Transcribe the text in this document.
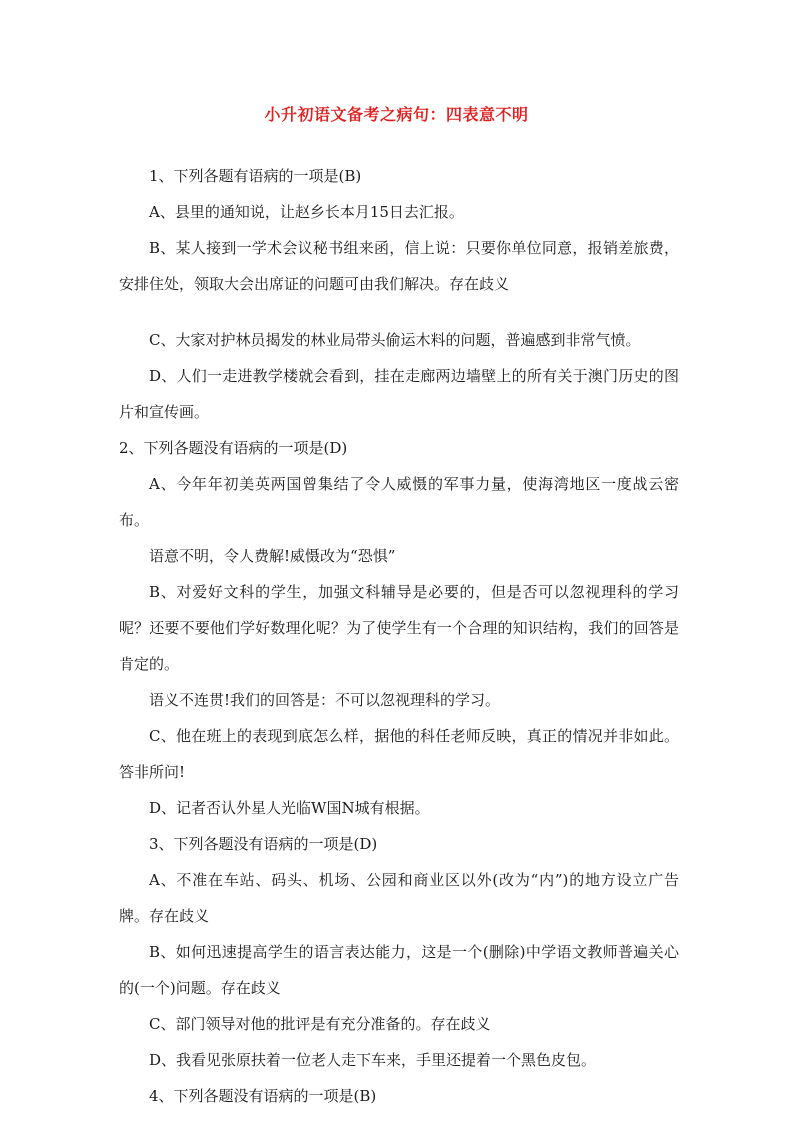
小升初语文备考之病句：四表意不明

1、下列各题有语病的一项是(B)

A、县里的通知说，让赵乡长本月15日去汇报。

B、某人接到一学术会议秘书组来函，信上说：只要你单位同意，报销差旅费，安排住处，领取大会出席证的问题可由我们解决。存在歧义

C、大家对护林员揭发的林业局带头偷运木料的问题，普遍感到非常气愤。

D、人们一走进教学楼就会看到，挂在走廊两边墙壁上的所有关于澳门历史的图片和宣传画。

2、下列各题没有语病的一项是(D)

A、今年年初美英两国曾集结了令人威慑的军事力量，使海湾地区一度战云密布。

语意不明，令人费解!威慑改为“恐惧”

B、对爱好文科的学生，加强文科辅导是必要的，但是否可以忽视理科的学习呢？还要不要他们学好数理化呢？为了使学生有一个合理的知识结构，我们的回答是肯定的。

语义不连贯!我们的回答是：不可以忽视理科的学习。

C、他在班上的表现到底怎么样，据他的科任老师反映，真正的情况并非如此。答非所问!

D、记者否认外星人光临W国N城有根据。

3、下列各题没有语病的一项是(D)

A、不准在车站、码头、机场、公园和商业区以外(改为“内”)的地方设立广告牌。存在歧义

B、如何迅速提高学生的语言表达能力，这是一个(删除)中学语文教师普遍关心的(一个)问题。存在歧义

C、部门领导对他的批评是有充分准备的。存在歧义

D、我看见张原扶着一位老人走下车来，手里还提着一个黑色皮包。

4、下列各题没有语病的一项是(B)
